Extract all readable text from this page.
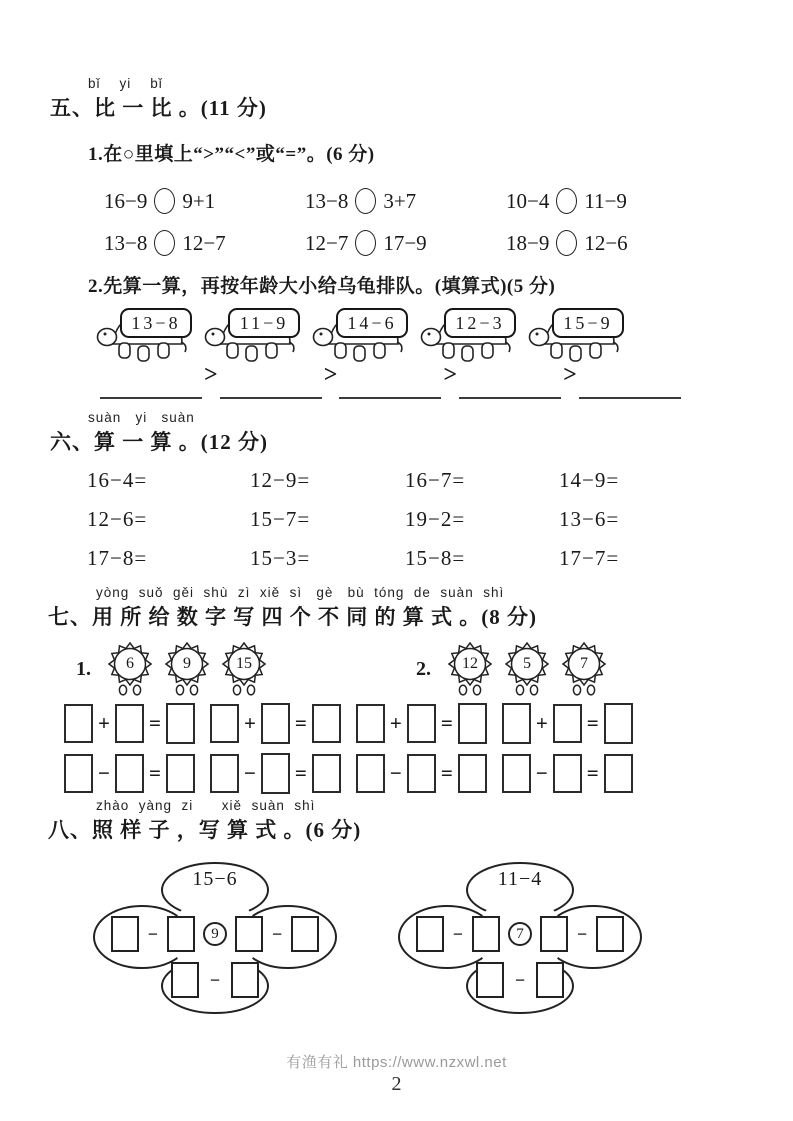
bǐ    yi    bǐ
五、比 一 比 。(11 分)
1.在○里填上“>”“<”或“=”。(6 分)
16−9 9+1	13−8 3+7	10−4 11−9
13−8 12−7	12−7 17−9	18−9 12−6
2.先算一算，再按年龄大小给乌龟排队。(填算式)(5 分)
13−8	11−9	14−6	12−3	15−9
>	>	>	>
suàn   yi   suàn
六、算 一 算 。(12 分)
16−4=	12−9=	16−7=	14−9=
12−6=	15−7=	19−2=	13−6=
17−8=	15−3=	15−8=	17−7=
yòng  suǒ  gěi  shù  zì  xiě  sì   gè   bù  tóng  de  suàn  shì
七、用 所 给 数 字 写 四 个 不 同 的 算 式 。(8 分)
1.	6	9	15	2.	12	5	7
+ =	+ =	+ =	+ =
− =	− =	− =	− =
zhào  yàng  zi      xiě  suàn  shì
八、照 样 子 ，写 算 式 。(6 分)
15−6
−	9	−
−
11−4
−	7	−
−
有渔有礼 https://www.nzxwl.net
2
